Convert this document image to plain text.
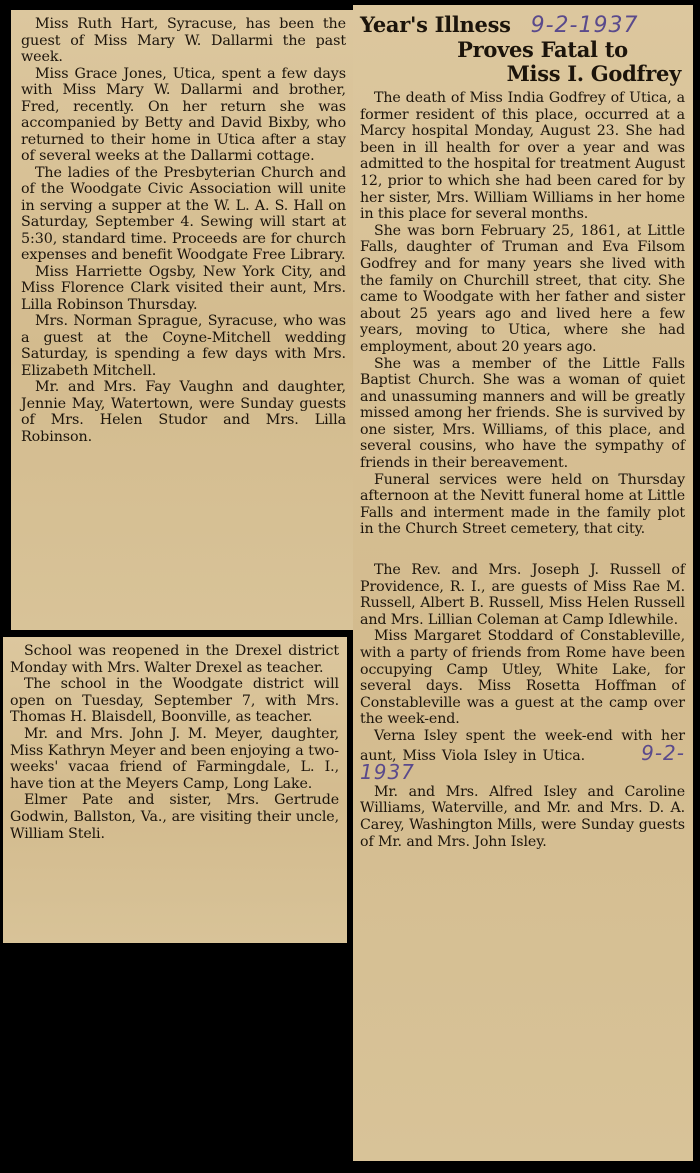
Miss Ruth Hart, Syracuse, has been the guest of Miss Mary W. Dallarmi the past week.

Miss Grace Jones, Utica, spent a few days with Miss Mary W. Dallarmi and brother, Fred, recently. On her return she was accompanied by Betty and David Bixby, who returned to their home in Utica after a stay of several weeks at the Dallarmi cottage.

The ladies of the Presbyterian Church and of the Woodgate Civic Association will unite in serving a supper at the W. L. A. S. Hall on Saturday, September 4. Sewing will start at 5:30, standard time. Proceeds are for church expenses and benefit Woodgate Free Library.

Miss Harriette Ogsby, New York City, and Miss Florence Clark visited their aunt, Mrs. Lilla Robinson Thursday.

Mrs. Norman Sprague, Syracuse, who was a guest at the Coyne-Mitchell wedding Saturday, is spending a few days with Mrs. Elizabeth Mitchell.

Mr. and Mrs. Fay Vaughn and daughter, Jennie May, Watertown, were Sunday guests of Mrs. Helen Studor and Mrs. Lilla Robinson.

School was reopened in the Drexel district Monday with Mrs. Walter Drexel as teacher.

The school in the Woodgate district will open on Tuesday, September 7, with Mrs. Thomas H. Blaisdell, Boonville, as teacher.

Mr. and Mrs. John J. M. Meyer, daughter, Miss Kathryn Meyer and been enjoying a two-weeks' vacaa friend of Farmingdale, L. I., have tion at the Meyers Camp, Long Lake.

Elmer Pate and sister, Mrs. Gertrude Godwin, Ballston, Va., are visiting their uncle, William Steli.

Year's Illness 9-2-1937
Proves Fatal to
Miss I. Godfrey

The death of Miss India Godfrey of Utica, a former resident of this place, occurred at a Marcy hospital Monday, August 23. She had been in ill health for over a year and was admitted to the hospital for treatment August 12, prior to which she had been cared for by her sister, Mrs. William Williams in her home in this place for several months.

She was born February 25, 1861, at Little Falls, daughter of Truman and Eva Filsom Godfrey and for many years she lived with the family on Churchill street, that city. She came to Woodgate with her father and sister about 25 years ago and lived here a few years, moving to Utica, where she had employment, about 20 years ago.

She was a member of the Little Falls Baptist Church. She was a woman of quiet and unassuming manners and will be greatly missed among her friends. She is survived by one sister, Mrs. Williams, of this place, and several cousins, who have the sympathy of friends in their bereavement.

Funeral services were held on Thursday afternoon at the Nevitt funeral home at Little Falls and interment made in the family plot in the Church Street cemetery, that city.

The Rev. and Mrs. Joseph J. Russell of Providence, R. I., are guests of Miss Rae M. Russell, Albert B. Russell, Miss Helen Russell and Mrs. Lillian Coleman at Camp Idlewhile.

Miss Margaret Stoddard of Constableville, with a party of friends from Rome have been occupying Camp Utley, White Lake, for several days. Miss Rosetta Hoffman of Constableville was a guest at the camp over the week-end.

Verna Isley spent the week-end with her aunt, Miss Viola Isley in Utica.	9-2-1937

Mr. and Mrs. Alfred Isley and Caroline Williams, Waterville, and Mr. and Mrs. D. A. Carey, Washington Mills, were Sunday guests of Mr. and Mrs. John Isley.
